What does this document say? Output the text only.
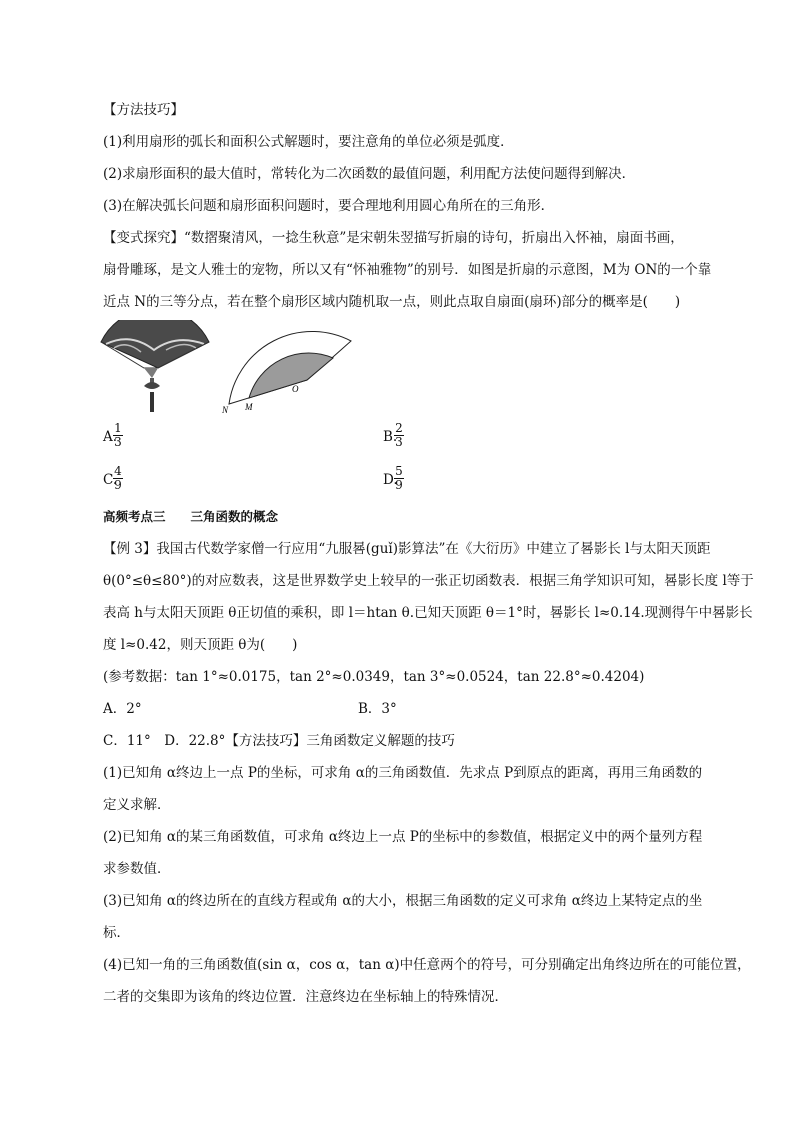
【方法技巧】
(1)利用扇形的弧长和面积公式解题时，要注意角的单位必须是弧度．
(2)求扇形面积的最大值时，常转化为二次函数的最值问题，利用配方法使问题得到解决．
(3)在解决弧长问题和扇形面积问题时，要合理地利用圆心角所在的三角形．
【变式探究】“数摺聚清风，一捻生秋意”是宋朝朱翌描写折扇的诗句，折扇出入怀袖，扇面书画，
扇骨雕琢，是文人雅士的宠物，所以又有“怀袖雅物”的别号．如图是折扇的示意图，M为 ON的一个靠
近点 N的三等分点，若在整个扇形区域内随机取一点，则此点取自扇面(扇环)部分的概率是(　　)
N M
O
A.
1
3	B.
2
3
C.
4
9	D.
5
9
高频考点三　　三角函数的概念
【例 3】我国古代数学家僧一行应用“九服晷(guǐ)影算法”在《大衍历》中建立了晷影长 l与太阳天顶距
θ(0°≤θ≤80°)的对应数表，这是世界数学史上较早的一张正切函数表．根据三角学知识可知，晷影长度 l等于
表高 h与太阳天顶距 θ正切值的乘积，即 l＝htan θ.已知天顶距 θ＝1°时，晷影长 l≈0.14.现测得午中晷影长
度 l≈0.42，则天顶距 θ为(　　)
(参考数据：tan 1°≈0.0175，tan 2°≈0.0349，tan 3°≈0.0524，tan 22.8°≈0.4204)
A．2°	B．3°
C．11°　D．22.8°【方法技巧】三角函数定义解题的技巧
(1)已知角 α终边上一点 P的坐标，可求角 α的三角函数值．先求点 P到原点的距离，再用三角函数的
定义求解．
(2)已知角 α的某三角函数值，可求角 α终边上一点 P的坐标中的参数值，根据定义中的两个量列方程
求参数值．
(3)已知角 α的终边所在的直线方程或角 α的大小，根据三角函数的定义可求角 α终边上某特定点的坐
标．
(4)已知一角的三角函数值(sin α，cos α，tan α)中任意两个的符号，可分别确定出角终边所在的可能位置，
二者的交集即为该角的终边位置．注意终边在坐标轴上的特殊情况．
